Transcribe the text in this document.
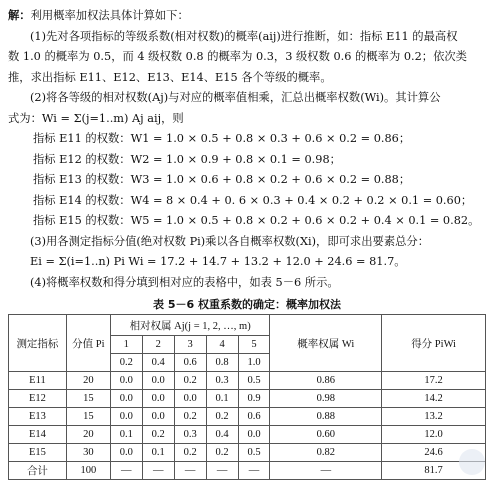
解：利用概率加权法具体计算如下：
(1)先对各项指标的等级系数(相对权数)的概率(aij)进行推断，如：指标 E11 的最高权
数 1.0 的概率为 0.5，而 4 级权数 0.8 的概率为 0.3，3 级权数 0.6 的概率为 0.2；依次类
推，求出指标 E11、E12、E13、E14、E15 各个等级的概率。
(2)将各等级的相对权数(Aj)与对应的概率值相乘，汇总出概率权数(Wi)。其计算公
式为：Wi = Σ(j=1..m) Aj aij，则
指标 E11 的权数：W1 = 1.0 × 0.5 + 0.8 × 0.3 + 0.6 × 0.2 = 0.86；
指标 E12 的权数：W2 = 1.0 × 0.9 + 0.8 × 0.1 = 0.98；
指标 E13 的权数：W3 = 1.0 × 0.6 + 0.8 × 0.2 + 0.6 × 0.2 = 0.88；
指标 E14 的权数：W4 = 8 × 0.4 + 0. 6 × 0.3 + 0.4 × 0.2 + 0.2 × 0.1 = 0.60；
指标 E15 的权数：W5 = 1.0 × 0.5 + 0.8 × 0.2 + 0.6 × 0.2 + 0.4 × 0.1 = 0.82。
(3)用各测定指标分值(绝对权数 Pi)乘以各自概率权数(Xi)，即可求出要素总分：
Ei = Σ(i=1..n) Pi Wi = 17.2 + 14.7 + 13.2 + 12.0 + 24.6 = 81.7。
(4)将概率权数和得分填到相对应的表格中，如表 5－6 所示。
表 5－6 权重系数的确定：概率加权法
测定指标	分值 Pi	相对权属 Aj(j = 1, 2, …, m)					概率权属 Wi	得分 PiWi
		1	2	3	4	5		
		0.2	0.4	0.6	0.8	1.0		
E11	20	0.0	0.0	0.2	0.3	0.5	0.86	17.2
E12	15	0.0	0.0	0.0	0.1	0.9	0.98	14.2
E13	15	0.0	0.0	0.2	0.2	0.6	0.88	13.2
E14	20	0.1	0.2	0.3	0.4	0.0	0.60	12.0
E15	30	0.0	0.1	0.2	0.2	0.5	0.82	24.6
合计	100	—	—	—	—	—	—	81.7
